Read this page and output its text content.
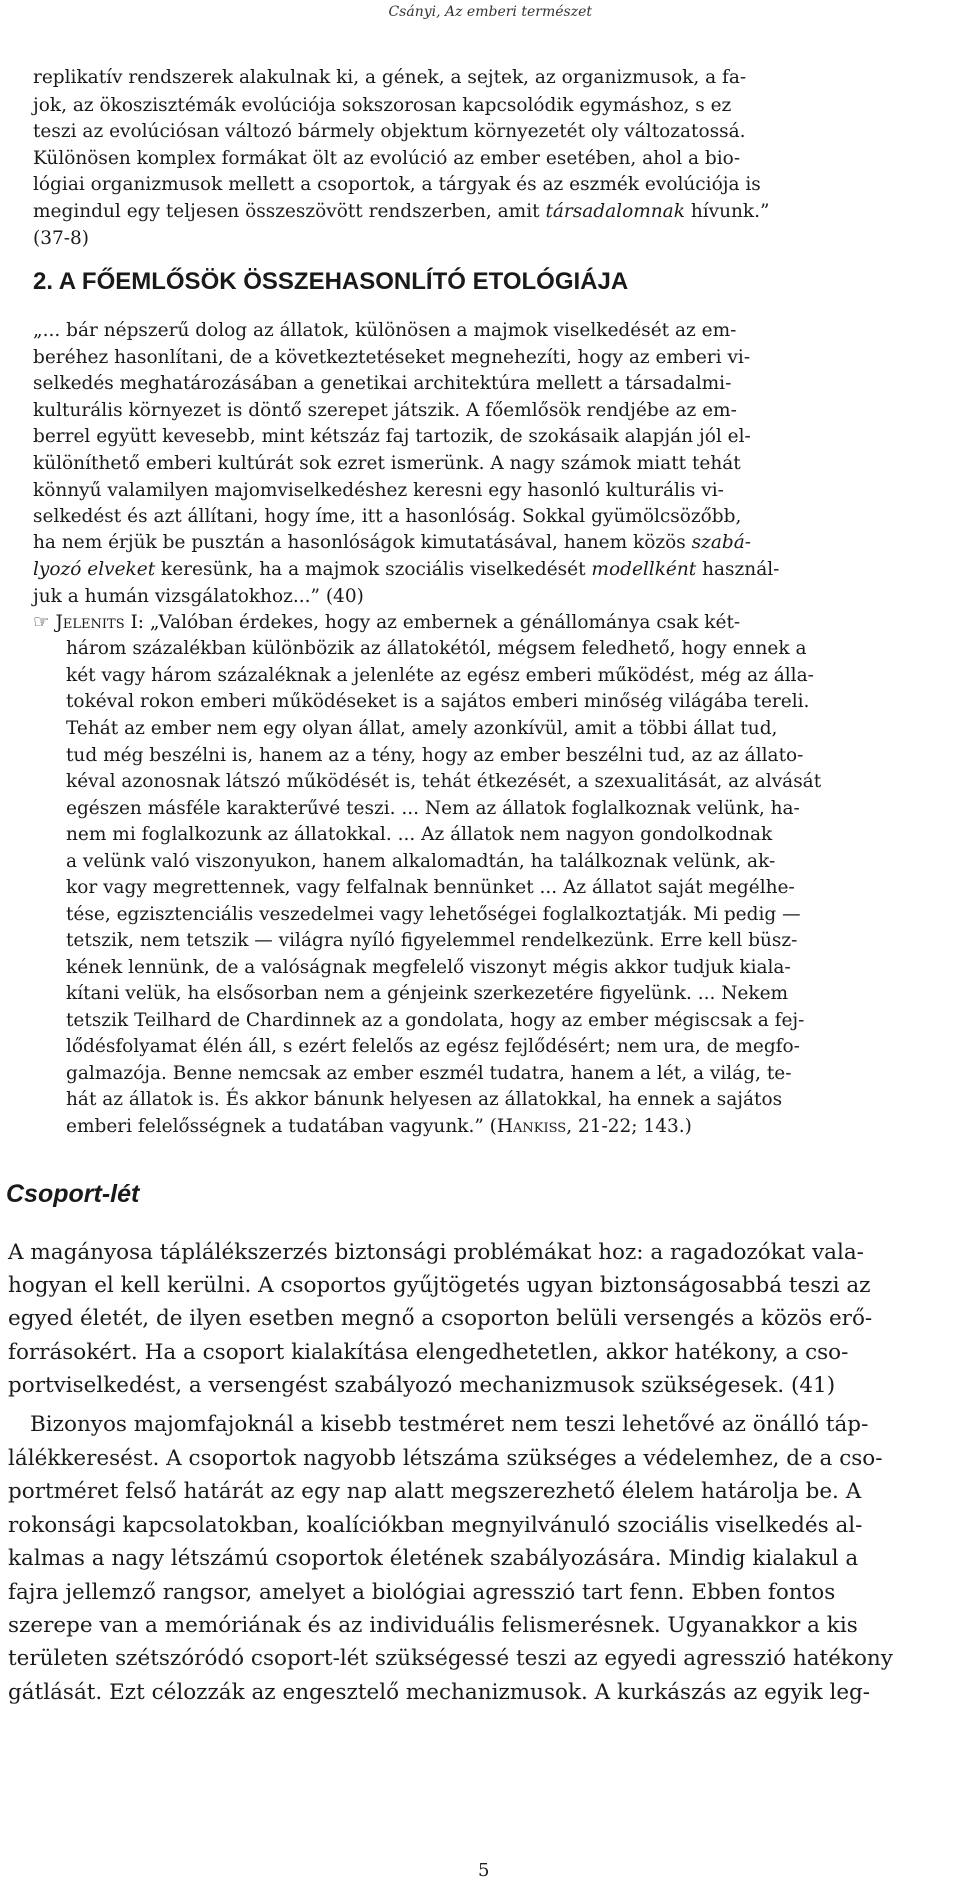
Csányi, Az emberi természet
replikatív rendszerek alakulnak ki, a gének, a sejtek, az organizmusok, a fa-
jok, az ökoszisztémák evolúciója sokszorosan kapcsolódik egymáshoz, s ez
teszi az evolúciósan változó bármely objektum környezetét oly változatossá.
Különösen komplex formákat ölt az evolúció az ember esetében, ahol a bio-
lógiai organizmusok mellett a csoportok, a tárgyak és az eszmék evolúciója is
megindul egy teljesen összeszövött rendszerben, amit társadalomnak hívunk.”
(37-8)
2. A FŐEMLŐSÖK ÖSSZEHASONLÍTÓ ETOLÓGIÁJA
„... bár népszerű dolog az állatok, különösen a majmok viselkedését az em-
beréhez hasonlítani, de a következtetéseket megnehezíti, hogy az emberi vi-
selkedés meghatározásában a genetikai architektúra mellett a társadalmi-
kulturális környezet is döntő szerepet játszik. A főemlősök rendjébe az em-
berrel együtt kevesebb, mint kétszáz faj tartozik, de szokásaik alapján jól el-
különíthető emberi kultúrát sok ezret ismerünk. A nagy számok miatt tehát
könnyű valamilyen majomviselkedéshez keresni egy hasonló kulturális vi-
selkedést és azt állítani, hogy íme, itt a hasonlóság. Sokkal gyümölcsözőbb,
ha nem érjük be pusztán a hasonlóságok kimutatásával, hanem közös szabá-
lyozó elveket keresünk, ha a majmok szociális viselkedését modellként használ-
juk a humán vizsgálatokhoz...” (40)
☞ Jelenits I: „Valóban érdekes, hogy az embernek a génállománya csak két-
három százalékban különbözik az állatokétól, mégsem feledhető, hogy ennek a
két vagy három százaléknak a jelenléte az egész emberi működést, még az álla-
tokéval rokon emberi működéseket is a sajátos emberi minőség világába tereli.
Tehát az ember nem egy olyan állat, amely azonkívül, amit a többi állat tud,
tud még beszélni is, hanem az a tény, hogy az ember beszélni tud, az az állato-
kéval azonosnak látszó működését is, tehát étkezését, a szexualitását, az alvását
egészen másféle karakterűvé teszi. ... Nem az állatok foglalkoznak velünk, ha-
nem mi foglalkozunk az állatokkal. ... Az állatok nem nagyon gondolkodnak
a velünk való viszonyukon, hanem alkalomadtán, ha találkoznak velünk, ak-
kor vagy megrettennek, vagy felfalnak bennünket ... Az állatot saját megélhe-
tése, egzisztenciális veszedelmei vagy lehetőségei foglalkoztatják. Mi pedig —
tetszik, nem tetszik — világra nyíló figyelemmel rendelkezünk. Erre kell büsz-
kének lennünk, de a valóságnak megfelelő viszonyt mégis akkor tudjuk kiala-
kítani velük, ha elsősorban nem a génjeink szerkezetére figyelünk. ... Nekem
tetszik Teilhard de Chardinnek az a gondolata, hogy az ember mégiscsak a fej-
lődésfolyamat élén áll, s ezért felelős az egész fejlődésért; nem ura, de megfo-
galmazója. Benne nemcsak az ember eszmél tudatra, hanem a lét, a világ, te-
hát az állatok is. És akkor bánunk helyesen az állatokkal, ha ennek a sajátos
emberi felelősségnek a tudatában vagyunk.” (Hankiss, 21-22; 143.)
Csoport-lét
A magányosa táplálékszerzés biztonsági problémákat hoz: a ragadozókat vala-
hogyan el kell kerülni. A csoportos gyűjtögetés ugyan biztonságosabbá teszi az
egyed életét, de ilyen esetben megnő a csoporton belüli versengés a közös erő-
forrásokért. Ha a csoport kialakítása elengedhetetlen, akkor hatékony, a cso-
portviselkedést, a versengést szabályozó mechanizmusok szükségesek. (41)
Bizonyos majomfajoknál a kisebb testméret nem teszi lehetővé az önálló táp-
lálékkeresést. A csoportok nagyobb létszáma szükséges a védelemhez, de a cso-
portméret felső határát az egy nap alatt megszerezhető élelem határolja be. A
rokonsági kapcsolatokban, koalíciókban megnyilvánuló szociális viselkedés al-
kalmas a nagy létszámú csoportok életének szabályozására. Mindig kialakul a
fajra jellemző rangsor, amelyet a biológiai agresszió tart fenn. Ebben fontos
szerepe van a memóriának és az individuális felismerésnek. Ugyanakkor a kis
területen szétszóródó csoport-lét szükségessé teszi az egyedi agresszió hatékony
gátlását. Ezt célozzák az engesztelő mechanizmusok. A kurkászás az egyik leg-
5
